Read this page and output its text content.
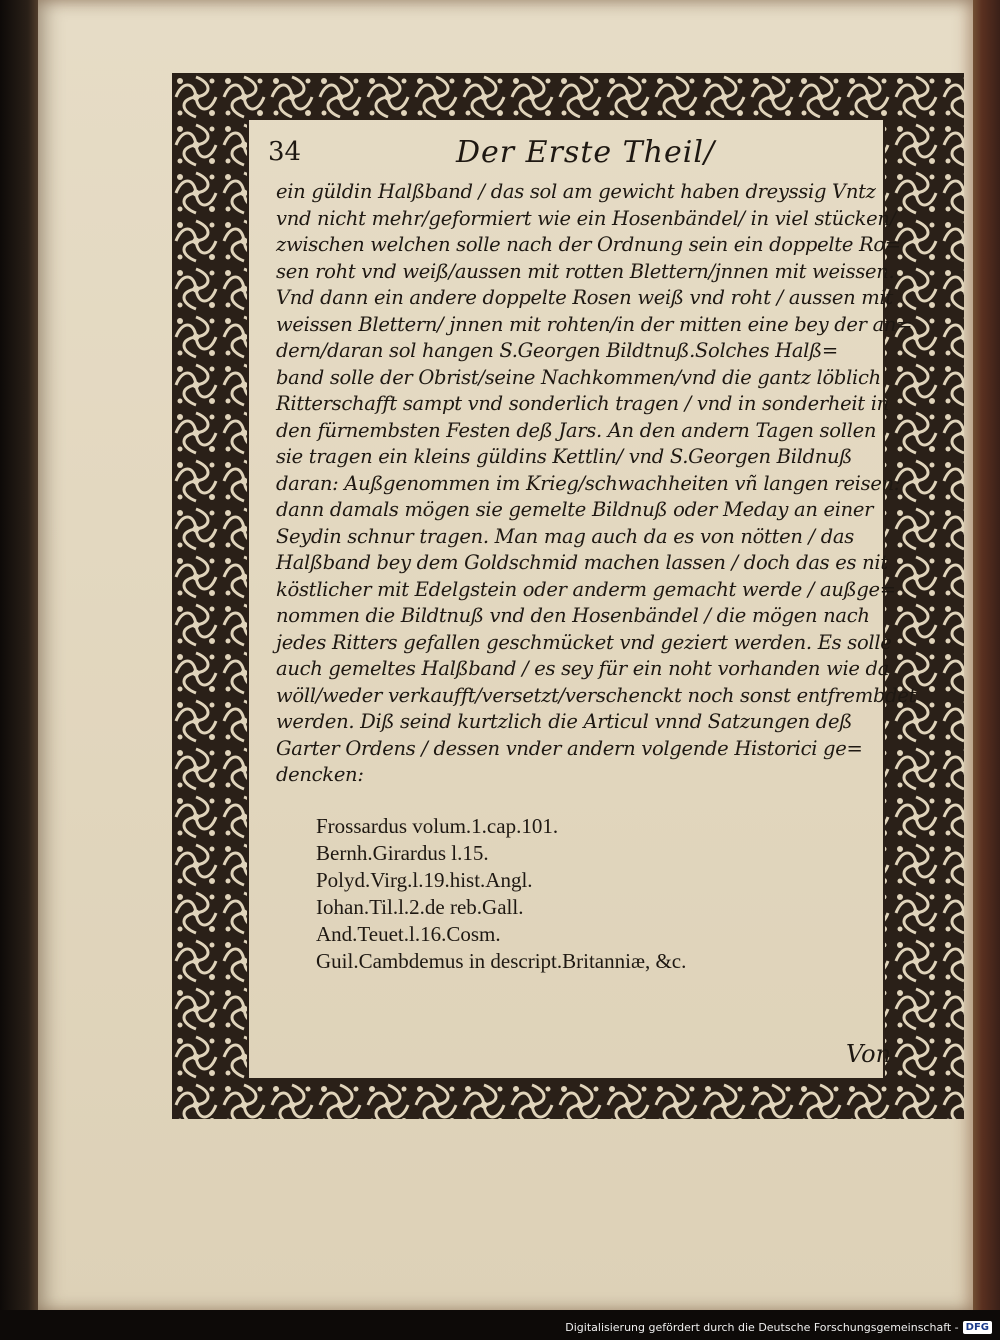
34	Der Erste Theil/
ein güldin Halßband / das sol am gewicht haben dreyssig Vntz
vnd nicht mehr/geformiert wie ein Hosenbändel/ in viel stücken/
zwischen welchen solle nach der Ordnung sein ein doppelte Ro=
sen roht vnd weiß/aussen mit rotten Blettern/jnnen mit weissen.
Vnd dann ein andere doppelte Rosen weiß vnd roht / aussen mit
weissen Blettern/ jnnen mit rohten/in der mitten eine bey der an=
dern/daran sol hangen S.Georgen Bildtnuß.Solches Halß=
band solle der Obrist/seine Nachkommen/vnd die gantz löblich
Ritterschafft sampt vnd sonderlich tragen / vnd in sonderheit in
den fürnembsten Festen deß Jars. An den andern Tagen sollen
sie tragen ein kleins güldins Kettlin/ vnd S.Georgen Bildnuß
daran: Außgenommen im Krieg/schwachheiten vñ langen reisen:
dann damals mögen sie gemelte Bildnuß oder Meday an einer
Seydin schnur tragen. Man mag auch da es von nötten / das
Halßband bey dem Goldschmid machen lassen / doch das es nit
köstlicher mit Edelgstein oder anderm gemacht werde / außge=
nommen die Bildtnuß vnd den Hosenbändel / die mögen nach
jedes Ritters gefallen geschmücket vnd geziert werden. Es solle
auch gemeltes Halßband / es sey für ein noht vorhanden wie da
wöll/weder verkaufft/versetzt/verschenckt noch sonst entfrembdet
werden. Diß seind kurtzlich die Articul vnnd Satzungen deß
Garter Ordens / dessen vnder andern volgende Historici ge=
dencken:
Frossardus volum.1.cap.101.
Bernh.Girardus l.15.
Polyd.Virg.l.19.hist.Angl.
Iohan.Til.l.2.de reb.Gall.
And.Teuet.l.16.Cosm.
Guil.Cambdemus in descript.Britanniæ, &c.
Von
Digitalisierung gefördert durch die Deutsche Forschungsgemeinschaft - DFG
